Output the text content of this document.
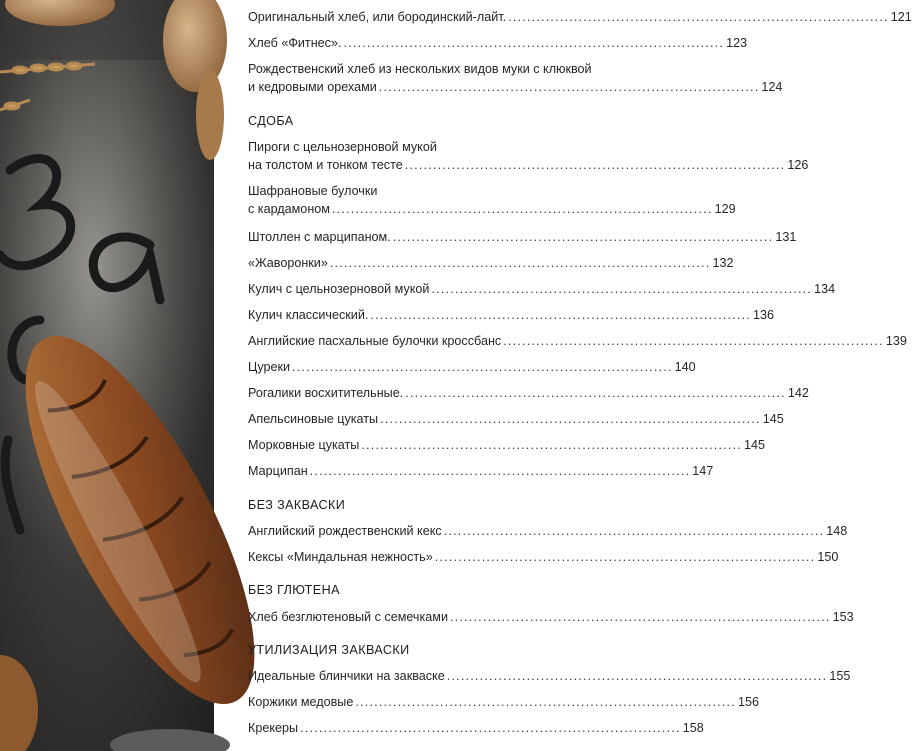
Оригинальный хлеб, или бородинский-лайт. ................................................................................. 121
Хлеб «Фитнес». ................................................................................. 123
Рождественский хлеб из нескольких видов муки с клюквой
и кедровыми орехами ................................................................................. 124
СДОБА
Пироги с цельнозерновой мукой
на толстом и тонком тесте ................................................................................. 126
Шафрановые булочки
с кардамоном ................................................................................. 129
Штоллен с марципаном. ................................................................................. 131
«Жаворонки» ................................................................................. 132
Кулич с цельнозерновой мукой ................................................................................. 134
Кулич классический. ................................................................................. 136
Английские пасхальные булочки кроссбанс ................................................................................. 139
Цуреки ................................................................................. 140
Рогалики восхитительные. ................................................................................. 142
Апельсиновые цукаты ................................................................................. 145
Морковные цукаты ................................................................................. 145
Марципан ................................................................................. 147
БЕЗ ЗАКВАСКИ
Английский рождественский кекс ................................................................................. 148
Кексы «Миндальная нежность» ................................................................................. 150
БЕЗ ГЛЮТЕНА
Хлеб безглютеновый с семечками ................................................................................. 153
УТИЛИЗАЦИЯ ЗАКВАСКИ
Идеальные блинчики на закваске ................................................................................. 155
Коржики медовые ................................................................................. 156
Крекеры ................................................................................. 158
